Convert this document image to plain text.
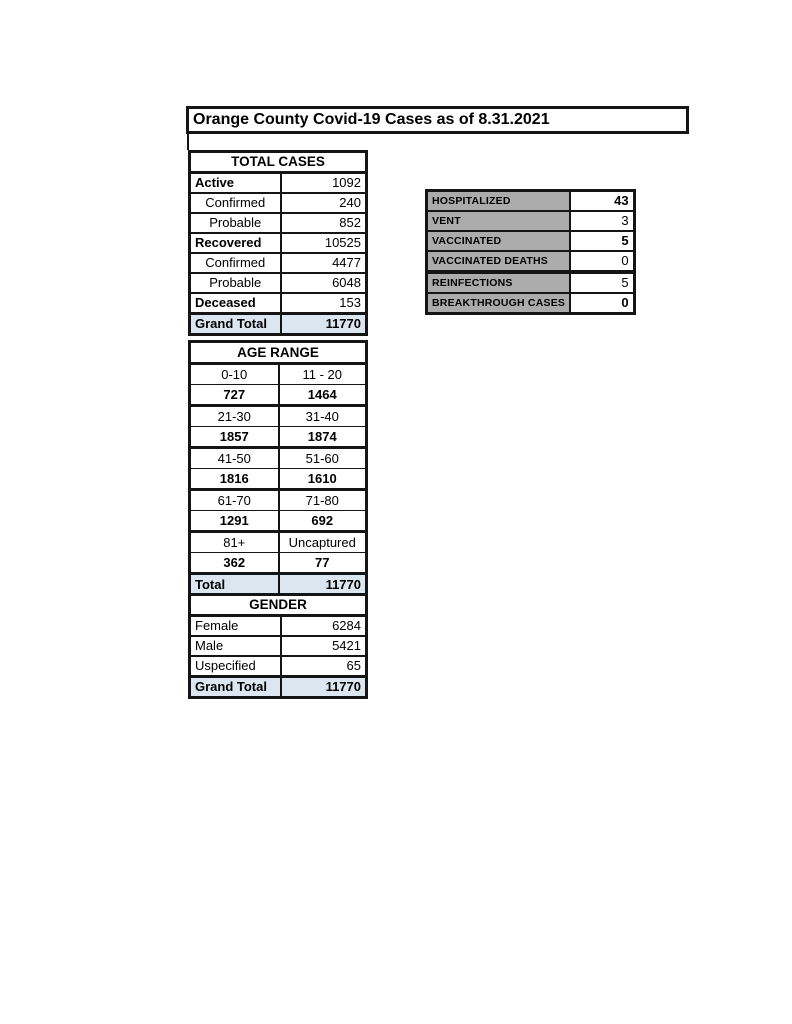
Orange County Covid-19 Cases as of 8.31.2021
TOTAL CASES	
Active	1092
Confirmed	240
Probable	852
Recovered	10525
Confirmed	4477
Probable	6048
Deceased	153
Grand Total	11770
HOSPITALIZED	43
VENT	3
VACCINATED	5
VACCINATED DEATHS	0
REINFECTIONS	5
BREAKTHROUGH CASES	0
AGE RANGE	
0-10	11 - 20
727	1464
21-30	31-40
1857	1874
41-50	51-60
1816	1610
61-70	71-80
1291	692
81+	Uncaptured
362	77
Total	11770
GENDER	
Female	6284
Male	5421
Uspecified	65
Grand Total	11770
